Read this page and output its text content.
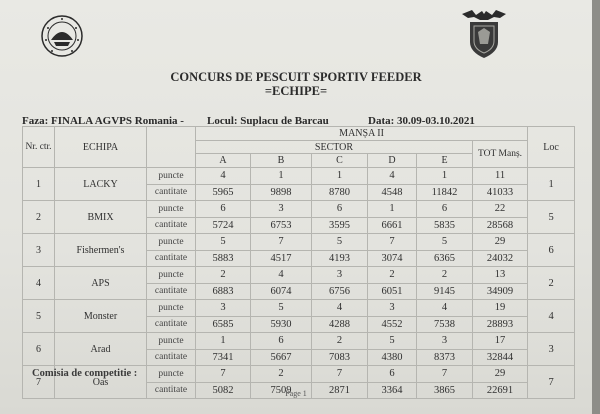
CONCURS DE PESCUIT SPORTIV FEEDER
=ECHIPE=
Faza: FINALA AGVPS Romania - Locul: Suplacu de Barcau	Data: 30.09-03.10.2021
Nr. ctr.	ECHIPA		MANȘA II						Loc
			SECTOR					TOT Manș.	
			A	B	C	D	E		
1	LACKY	puncte	4	1	1	4	1	11	1
		cantitate	5965	9898	8780	4548	11842	41033	
2	BMIX	puncte	6	3	6	1	6	22	5
		cantitate	5724	6753	3595	6661	5835	28568	
3	Fishermen's	puncte	5	7	5	7	5	29	6
		cantitate	5883	4517	4193	3074	6365	24032	
4	APS	puncte	2	4	3	2	2	13	2
		cantitate	6883	6074	6756	6051	9145	34909	
5	Monster	puncte	3	5	4	3	4	19	4
		cantitate	6585	5930	4288	4552	7538	28893	
6	Arad	puncte	1	6	2	5	3	17	3
		cantitate	7341	5667	7083	4380	8373	32844	
7	Oas	puncte	7	2	7	6	7	29	7
		cantitate	5082	7509	2871	3364	3865	22691	
Comisia de competitie :
Page 1
